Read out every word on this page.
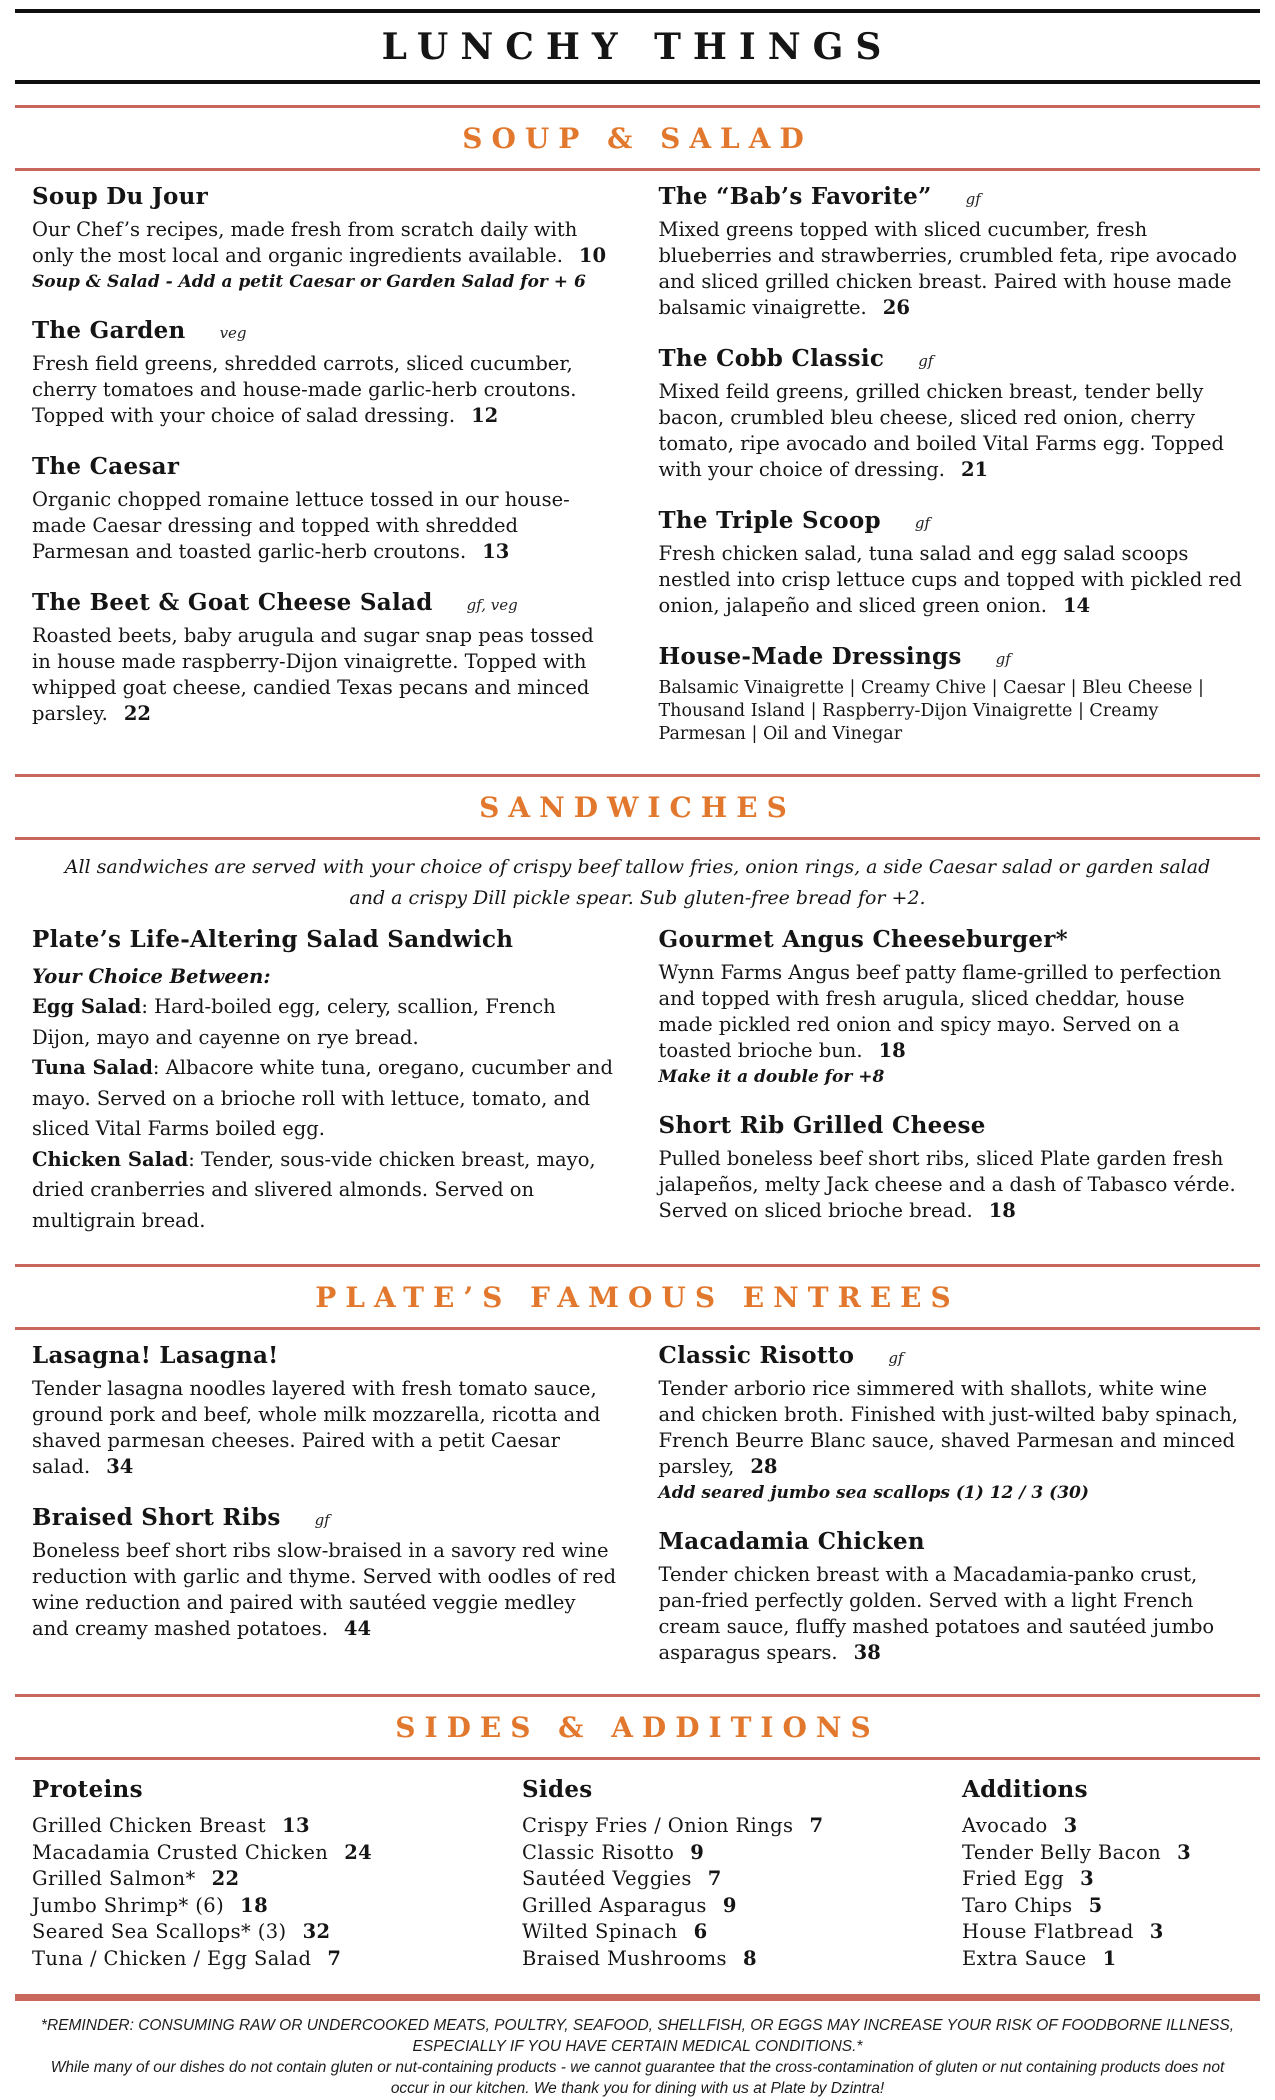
LUNCHY THINGS
SOUP & SALAD
Soup Du Jour

Our Chef’s recipes, made fresh from scratch daily with only the most local and organic ingredients available. 10

Soup & Salad - Add a petit Caesar or Garden Salad for + 6

The Garden veg

Fresh field greens, shredded carrots, sliced cucumber, cherry tomatoes and house-made garlic-herb croutons. Topped with your choice of salad dressing. 12

The Caesar

Organic chopped romaine lettuce tossed in our house-made Caesar dressing and topped with shredded Parmesan and toasted garlic-herb croutons. 13

The Beet & Goat Cheese Salad gf, veg

Roasted beets, baby arugula and sugar snap peas tossed in house made raspberry-Dijon vinaigrette. Topped with whipped goat cheese, candied Texas pecans and minced parsley. 22

The “Bab’s Favorite” gf

Mixed greens topped with sliced cucumber, fresh blueberries and strawberries, crumbled feta, ripe avocado and sliced grilled chicken breast. Paired with house made balsamic vinaigrette. 26

The Cobb Classic gf

Mixed feild greens, grilled chicken breast, tender belly bacon, crumbled bleu cheese, sliced red onion, cherry tomato, ripe avocado and boiled Vital Farms egg. Topped with your choice of dressing. 21

The Triple Scoop gf

Fresh chicken salad, tuna salad and egg salad scoops nestled into crisp lettuce cups and topped with pickled red onion, jalapeño and sliced green onion. 14

House-Made Dressings gf

Balsamic Vinaigrette | Creamy Chive | Caesar | Bleu Cheese | Thousand Island | Raspberry-Dijon Vinaigrette | Creamy Parmesan | Oil and Vinegar

SANDWICHES

All sandwiches are served with your choice of crispy beef tallow fries, onion rings, a side Caesar salad or garden salad and a crispy Dill pickle spear. Sub gluten-free bread for +2.

Plate’s Life-Altering Salad Sandwich

Your Choice Between:

Egg Salad: Hard-boiled egg, celery, scallion, French Dijon, mayo and cayenne on rye bread.

Tuna Salad: Albacore white tuna, oregano, cucumber and mayo. Served on a brioche roll with lettuce, tomato, and sliced Vital Farms boiled egg.

Chicken Salad: Tender, sous-vide chicken breast, mayo, dried cranberries and slivered almonds. Served on multigrain bread.

Gourmet Angus Cheeseburger*

Wynn Farms Angus beef patty flame-grilled to perfection and topped with fresh arugula, sliced cheddar, house made pickled red onion and spicy mayo. Served on a toasted brioche bun. 18

Make it a double for +8

Short Rib Grilled Cheese

Pulled boneless beef short ribs, sliced Plate garden fresh jalapeños, melty Jack cheese and a dash of Tabasco vérde. Served on sliced brioche bread. 18

PLATE’S FAMOUS ENTREES
Lasagna! Lasagna!

Tender lasagna noodles layered with fresh tomato sauce, ground pork and beef, whole milk mozzarella, ricotta and shaved parmesan cheeses. Paired with a petit Caesar salad. 34

Braised Short Ribs gf

Boneless beef short ribs slow-braised in a savory red wine reduction with garlic and thyme. Served with oodles of red wine reduction and paired with sautéed veggie medley and creamy mashed potatoes. 44

Classic Risotto gf

Tender arborio rice simmered with shallots, white wine and chicken broth. Finished with just-wilted baby spinach, French Beurre Blanc sauce, shaved Parmesan and minced parsley, 28

Add seared jumbo sea scallops (1) 12 / 3 (30)

Macadamia Chicken

Tender chicken breast with a Macadamia-panko crust, pan-fried perfectly golden. Served with a light French cream sauce, fluffy mashed potatoes and sautéed jumbo asparagus spears. 38

SIDES & ADDITIONS
Proteins

Grilled Chicken Breast 13

Macadamia Crusted Chicken 24

Grilled Salmon* 22

Jumbo Shrimp* (6) 18

Seared Sea Scallops* (3) 32

Tuna / Chicken / Egg Salad 7

Sides

Crispy Fries / Onion Rings 7

Classic Risotto 9

Sautéed Veggies 7

Grilled Asparagus 9

Wilted Spinach 6

Braised Mushrooms 8

Additions

Avocado 3

Tender Belly Bacon 3

Fried Egg 3

Taro Chips 5

House Flatbread 3

Extra Sauce 1

*REMINDER: CONSUMING RAW OR UNDERCOOKED MEATS, POULTRY, SEAFOOD, SHELLFISH, OR EGGS MAY INCREASE YOUR RISK OF FOODBORNE ILLNESS, ESPECIALLY IF YOU HAVE CERTAIN MEDICAL CONDITIONS.*

While many of our dishes do not contain gluten or nut-containing products - we cannot guarantee that the cross-contamination of gluten or nut containing products does not occur in our kitchen. We thank you for dining with us at Plate by Dzintra!
